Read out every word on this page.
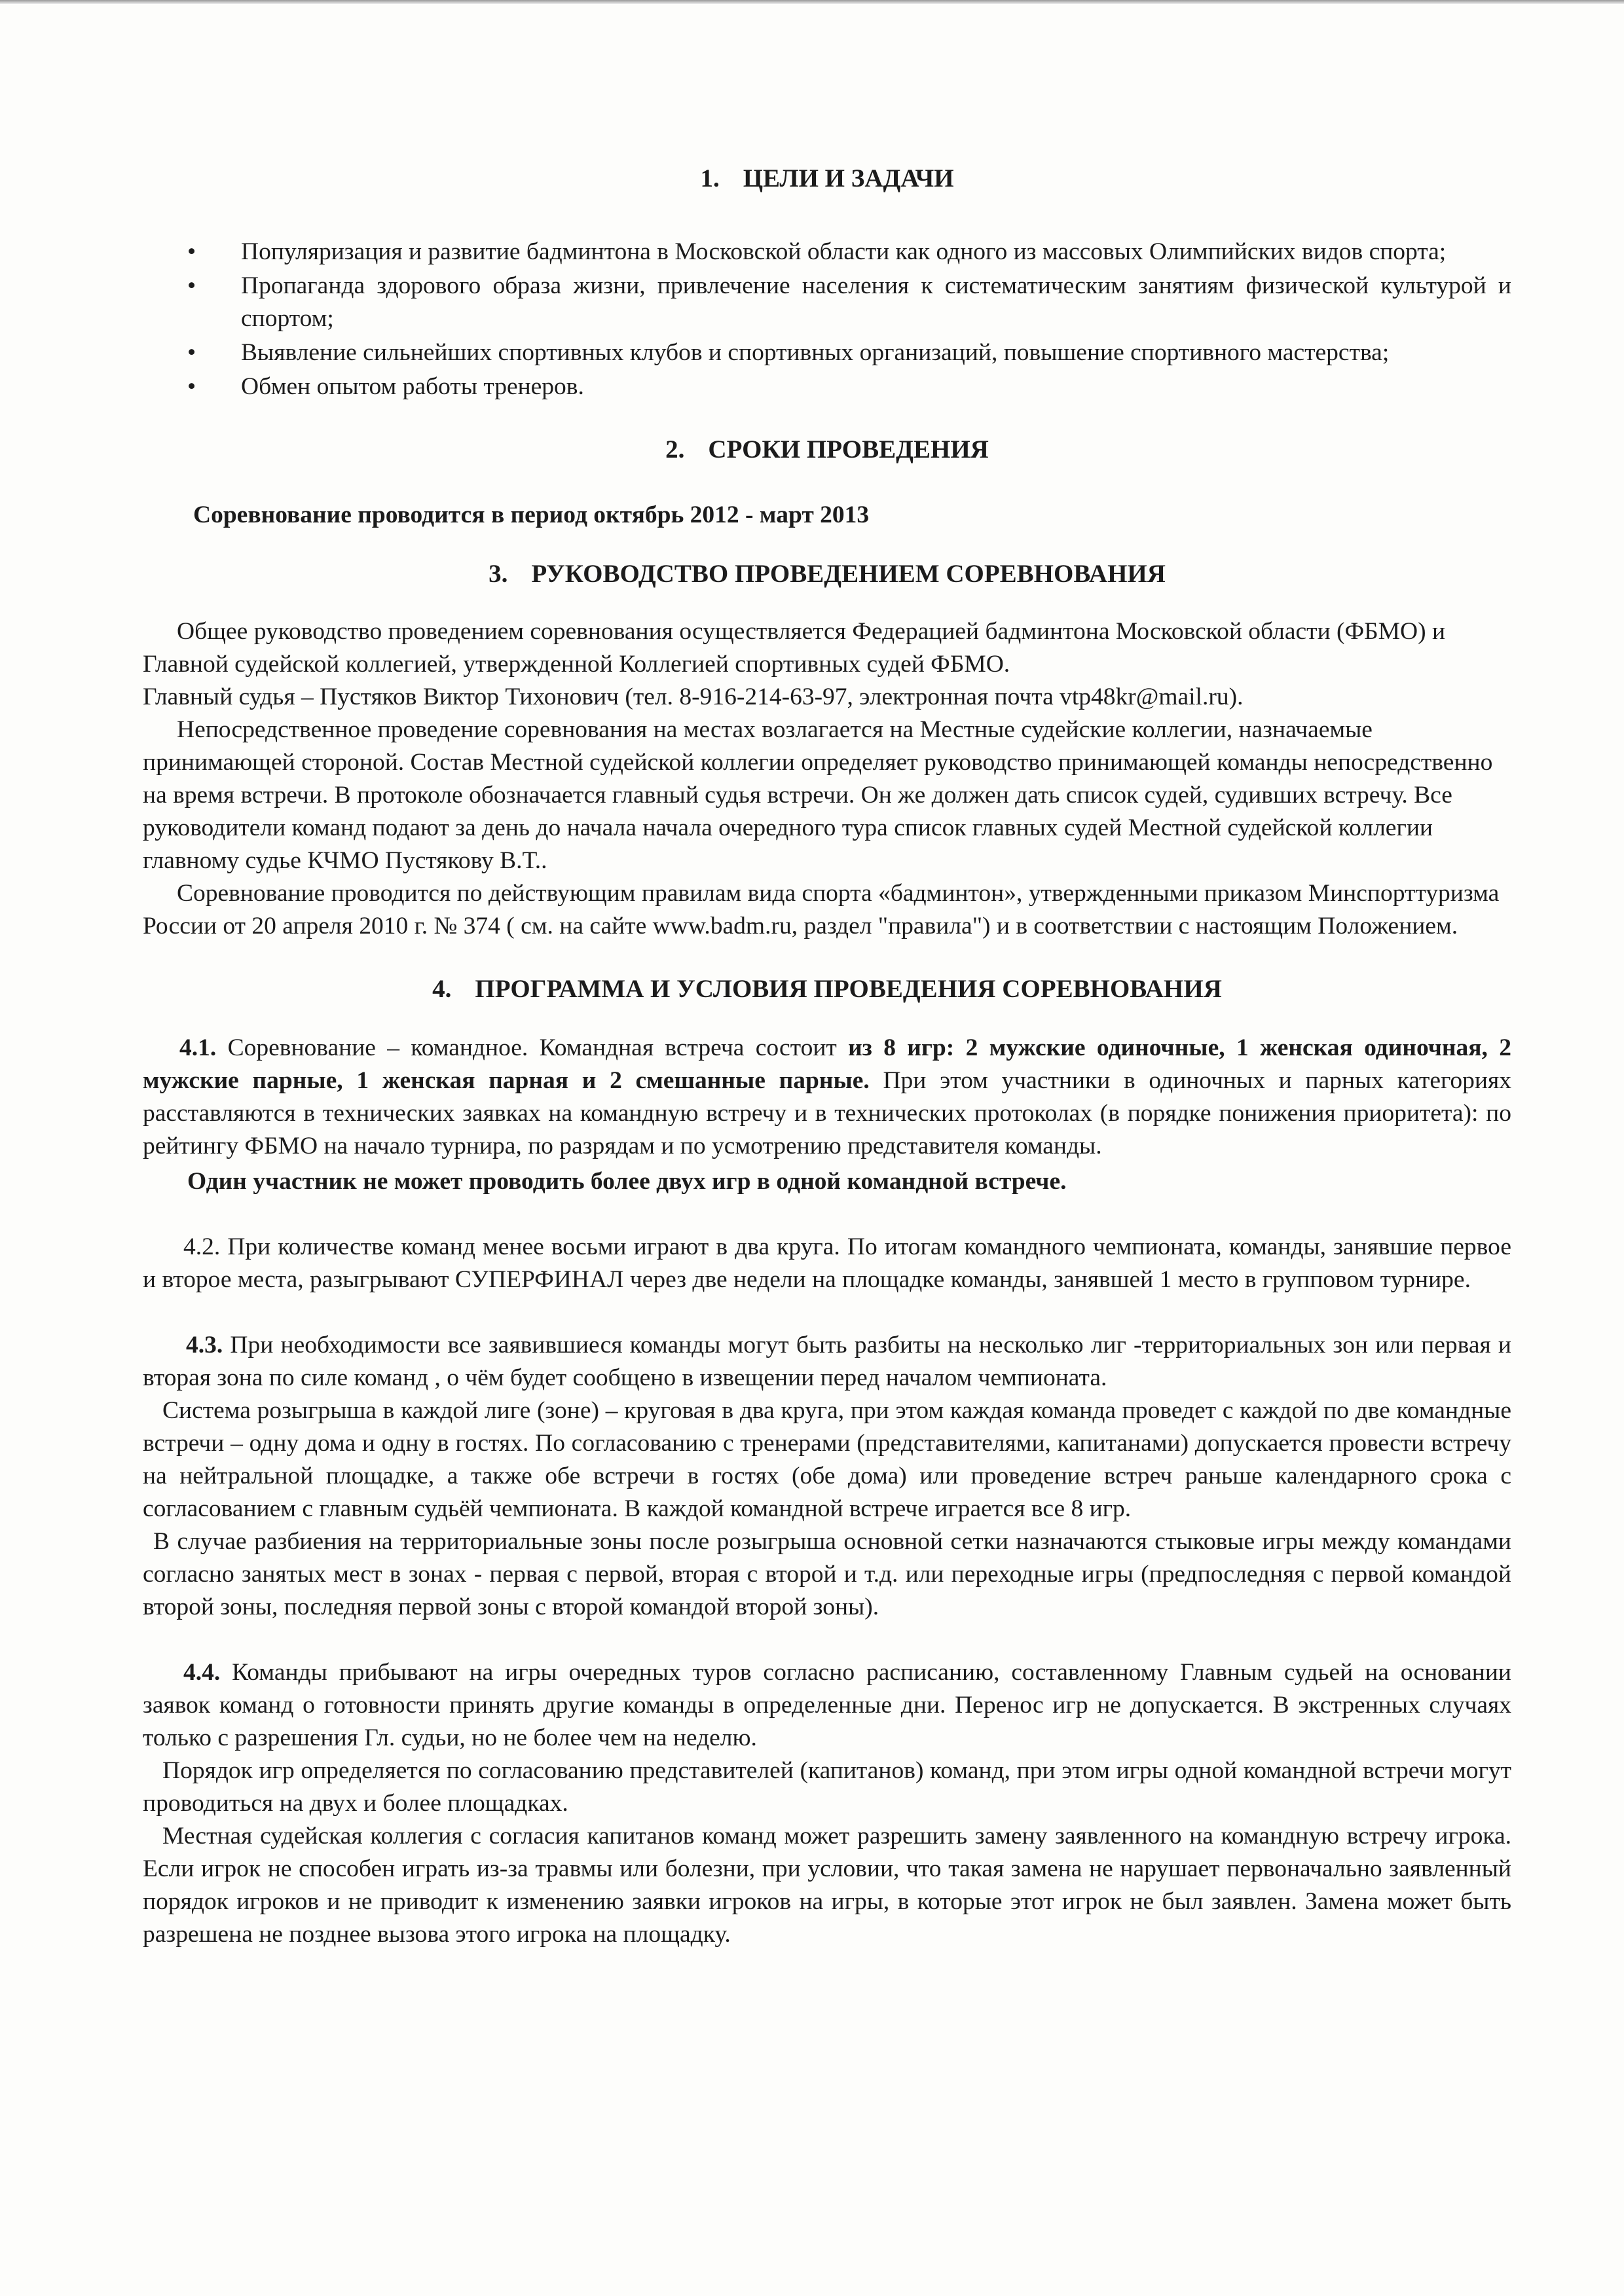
1. ЦЕЛИ И ЗАДАЧИ
• Популяризация и развитие бадминтона в Московской области как одного из массовых Олимпийских видов спорта;
• Пропаганда здорового образа жизни, привлечение населения к систематическим занятиям физической культурой и спортом;
• Выявление сильнейших спортивных клубов и спортивных организаций, повышение спортивного мастерства;
• Обмен опытом работы тренеров.
2. СРОКИ ПРОВЕДЕНИЯ

Соревнование проводится в период октябрь 2012 - март 2013

3. РУКОВОДСТВО ПРОВЕДЕНИЕМ СОРЕВНОВАНИЯ

Общее руководство проведением соревнования осуществляется Федерацией бадминтона Московской области (ФБМО) и Главной судейской коллегией, утвержденной Коллегией спортивных судей ФБМО.

Главный судья – Пустяков Виктор Тихонович (тел. 8-916-214-63-97, электронная почта vtp48kr@mail.ru).

Непосредственное проведение соревнования на местах возлагается на Местные судейские коллегии, назначаемые принимающей стороной. Состав Местной судейской коллегии определяет руководство принимающей команды непосредственно на время встречи. В протоколе обозначается главный судья встречи. Он же должен дать список судей, судивших встречу. Все руководители команд подают за день до начала начала очередного тура список главных судей Местной судейской коллегии главному судье КЧМО Пустякову В.Т..

Соревнование проводится по действующим правилам вида спорта «бадминтон», утвержденными приказом Минспорттуризма России от 20 апреля 2010 г. № 374 ( см. на сайте www.badm.ru, раздел "правила") и в соответствии с настоящим Положением.

4. ПРОГРАММА И УСЛОВИЯ ПРОВЕДЕНИЯ СОРЕВНОВАНИЯ

4.1. Соревнование – командное. Командная встреча состоит из 8 игр: 2 мужские одиночные, 1 женская одиночная, 2 мужские парные, 1 женская парная и 2 смешанные парные. При этом участники в одиночных и парных категориях расставляются в технических заявках на командную встречу и в технических протоколах (в порядке понижения приоритета): по рейтингу ФБМО на начало турнира, по разрядам и по усмотрению представителя команды.

Один участник не может проводить более двух игр в одной командной встрече.

4.2. При количестве команд менее восьми играют в два круга. По итогам командного чемпионата, команды, занявшие первое и второе места, разыгрывают СУПЕРФИНАЛ через две недели на площадке команды, занявшей 1 место в групповом турнире.

4.3. При необходимости все заявившиеся команды могут быть разбиты на несколько лиг -территориальных зон или первая и вторая зона по силе команд , о чём будет сообщено в извещении перед началом чемпионата.

Система розыгрыша в каждой лиге (зоне) – круговая в два круга, при этом каждая команда проведет с каждой по две командные встречи – одну дома и одну в гостях. По согласованию с тренерами (представителями, капитанами) допускается провести встречу на нейтральной площадке, а также обе встречи в гостях (обе дома) или проведение встреч раньше календарного срока с согласованием с главным судьёй чемпионата. В каждой командной встрече играется все 8 игр.

В случае разбиения на территориальные зоны после розыгрыша основной сетки назначаются стыковые игры между командами согласно занятых мест в зонах - первая с первой, вторая с второй и т.д. или переходные игры (предпоследняя с первой командой второй зоны, последняя первой зоны с второй командой второй зоны).

4.4. Команды прибывают на игры очередных туров согласно расписанию, составленному Главным судьей на основании заявок команд о готовности принять другие команды в определенные дни. Перенос игр не допускается. В экстренных случаях только с разрешения Гл. судьи, но не более чем на неделю.

Порядок игр определяется по согласованию представителей (капитанов) команд, при этом игры одной командной встречи могут проводиться на двух и более площадках.

Местная судейская коллегия с согласия капитанов команд может разрешить замену заявленного на командную встречу игрока. Если игрок не способен играть из-за травмы или болезни, при условии, что такая замена не нарушает первоначально заявленный порядок игроков и не приводит к изменению заявки игроков на игры, в которые этот игрок не был заявлен. Замена может быть разрешена не позднее вызова этого игрока на площадку.
